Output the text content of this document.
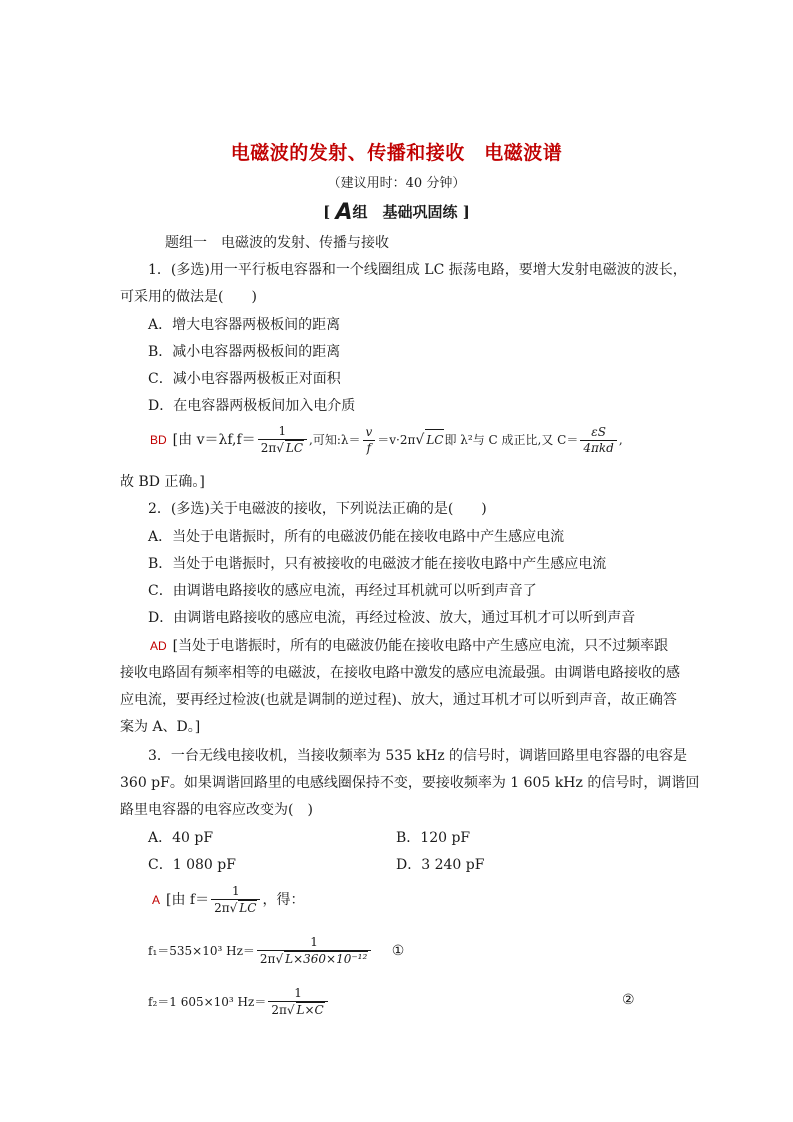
电磁波的发射、传播和接收　电磁波谱
（建议用时：40 分钟）
[ A组　基础巩固练 ]
题组一　电磁波的发射、传播与接收
1．(多选)用一平行板电容器和一个线圈组成 LC 振荡电路，要增大发射电磁波的波长，
可采用的做法是(　　)
A．增大电容器两极板间的距离
B．减小电容器两极板间的距离
C．减小电容器两极板正对面积
D．在电容器两极板间加入电介质
BD [由 $v=\lambda f,f= \frac{1}{2\pi√ LC}$ ,可知:λ＝ $\frac{v}{f} =v\cdot 2\pi√$ LC即 λ²与 C 成正比,又 $C= \frac{\varepsilon S}{\text{4πkd}}$ ,
故 BD 正确。]
2．(多选)关于电磁波的接收，下列说法正确的是(　　)
A．当处于电谐振时，所有的电磁波仍能在接收电路中产生感应电流
B．当处于电谐振时，只有被接收的电磁波才能在接收电路中产生感应电流
C．由调谐电路接收的感应电流，再经过耳机就可以听到声音了
D．由调谐电路接收的感应电流，再经过检波、放大，通过耳机才可以听到声音
AD [当处于电谐振时，所有的电磁波仍能在接收电路中产生感应电流，只不过频率跟
接收电路固有频率相等的电磁波，在接收电路中激发的感应电流最强。由调谐电路接收的感
应电流，要再经过检波(也就是调制的逆过程)、放大，通过耳机才可以听到声音，故正确答
案为 A、D。]
3．一台无线电接收机，当接收频率为 535 kHz 的信号时，调谐回路里电容器的电容是
360 pF。如果调谐回路里的电感线圈保持不变，要接收频率为 1 605 kHz 的信号时，调谐回
路里电容器的电容应改变为(　)
A．40 pF	B．120 pF
C．1 080 pF	D．3 240 pF
A [由 $f= \frac{1}{2\pi√ LC}$ ，得：
f₁＝535×10³ $Hz= \frac{1}{\text{2π√ L×360×10⁻¹²}}$ ①
f₂＝1 605×10³ $Hz= \frac{1}{2\pi√ L\times C}$	②
